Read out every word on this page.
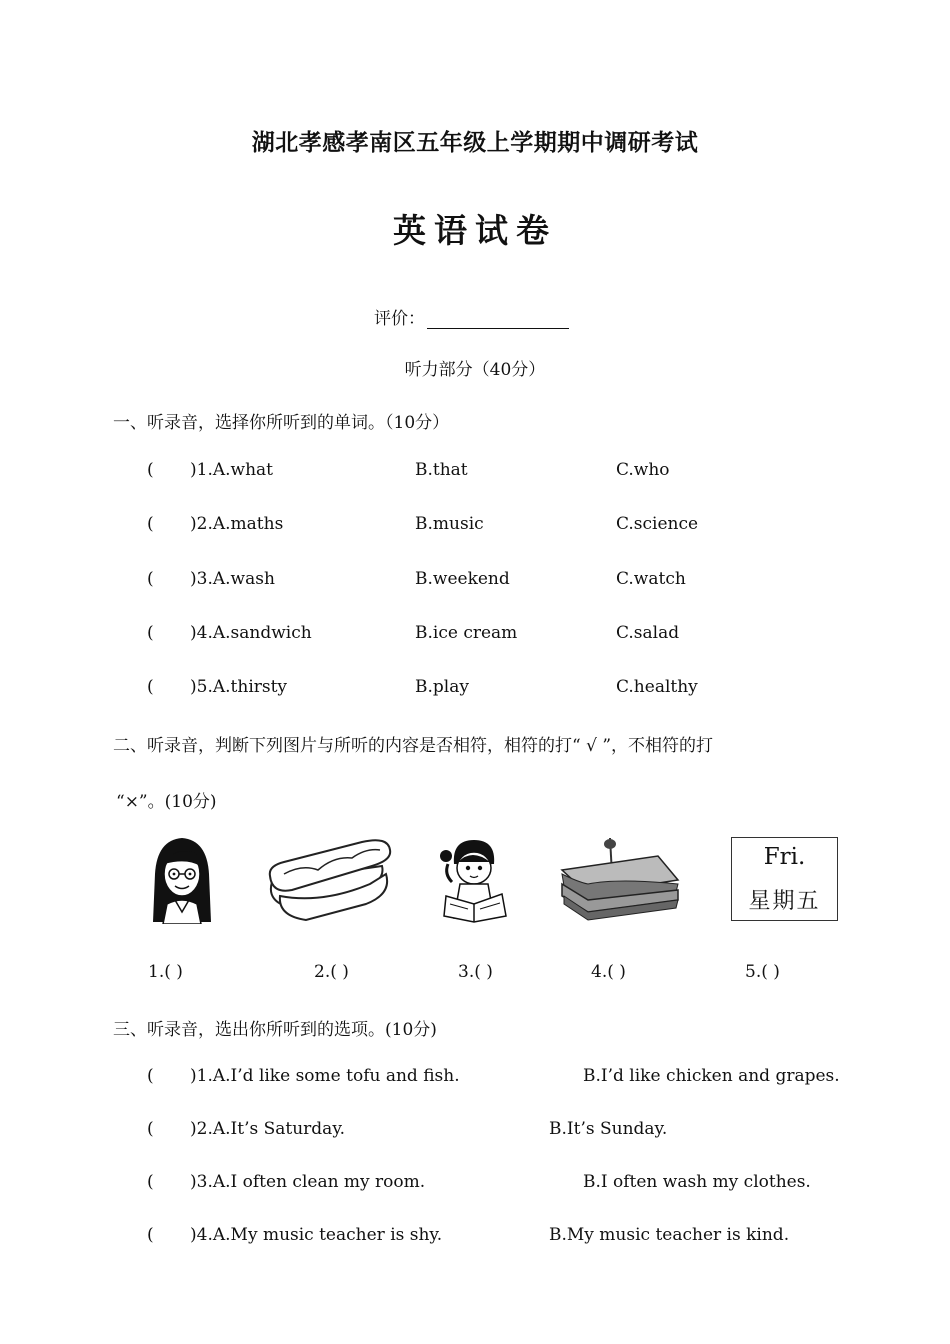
湖北孝感孝南区五年级上学期期中调研考试
英语试卷
评价：
听力部分（40分）
一、听录音，选择你所听到的单词。（10分）
( )1.A.what	B.that	C.who
( )2.A.maths	B.music	C.science
( )3.A.wash	B.weekend	C.watch
( )4.A.sandwich	B.ice cream	C.salad
( )5.A.thirsty	B.play	C.healthy
二、听录音，判断下列图片与所听的内容是否相符，相符的打“ √ ”，不相符的打
“×”。(10分)
Fri.
星期五
1.( )	2.( )	3.( )	4.( )	5.( )
三、听录音，选出你所听到的选项。(10分)
( )1.A.I’d like some tofu and fish.	B.I’d like chicken and grapes.
( )2.A.It’s Saturday.	B.It’s Sunday.
( )3.A.I often clean my room.	B.I often wash my clothes.
( )4.A.My music teacher is shy.	B.My music teacher is kind.
